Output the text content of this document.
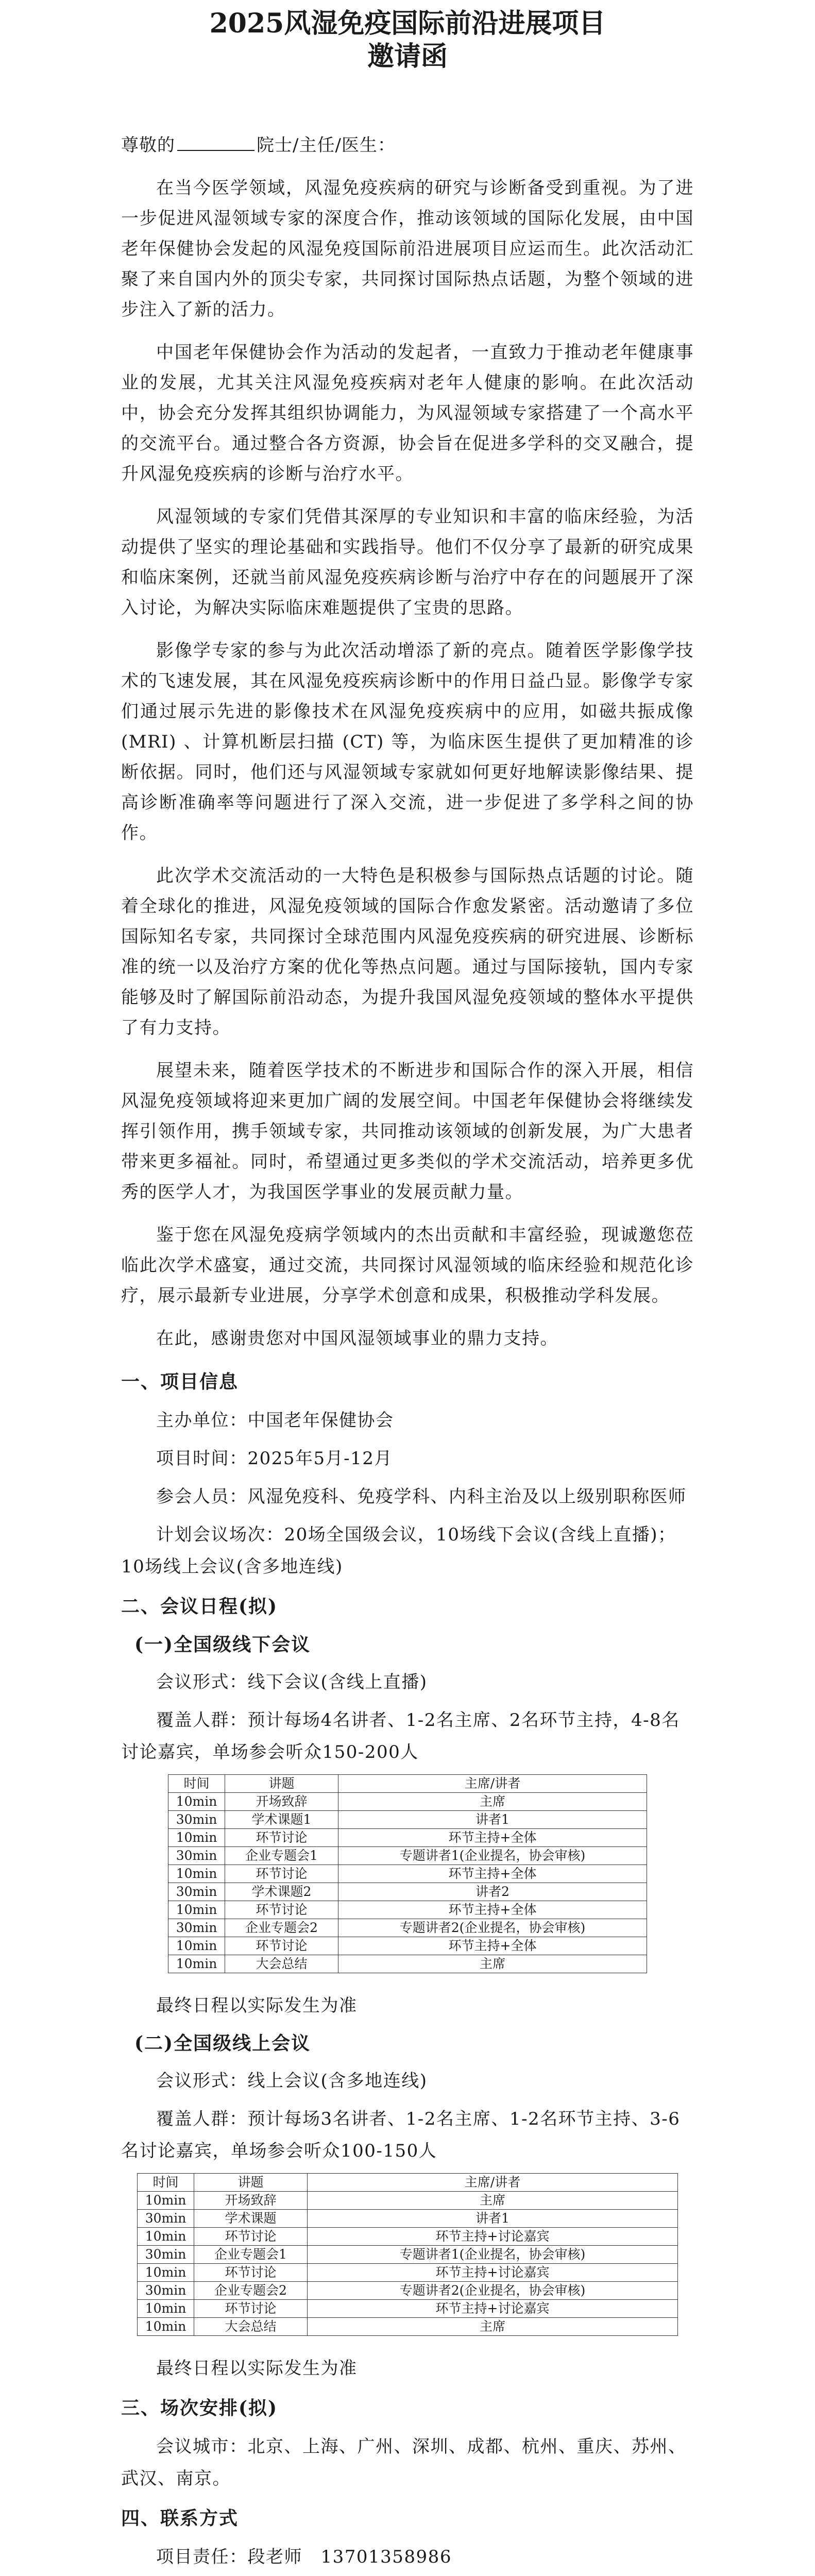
2025风湿免疫国际前沿进展项目
邀请函

尊敬的	院士/主任/医生：

在当今医学领域，风湿免疫疾病的研究与诊断备受到重视。为了进一步促进风湿领域专家的深度合作，推动该领域的国际化发展，由中国老年保健协会发起的风湿免疫国际前沿进展项目应运而生。此次活动汇聚了来自国内外的顶尖专家，共同探讨国际热点话题，为整个领域的进步注入了新的活力。

中国老年保健协会作为活动的发起者，一直致力于推动老年健康事业的发展，尤其关注风湿免疫疾病对老年人健康的影响。在此次活动中，协会充分发挥其组织协调能力，为风湿领域专家搭建了一个高水平的交流平台。通过整合各方资源，协会旨在促进多学科的交叉融合，提升风湿免疫疾病的诊断与治疗水平。

风湿领域的专家们凭借其深厚的专业知识和丰富的临床经验，为活动提供了坚实的理论基础和实践指导。他们不仅分享了最新的研究成果和临床案例，还就当前风湿免疫疾病诊断与治疗中存在的问题展开了深入讨论，为解决实际临床难题提供了宝贵的思路。

影像学专家的参与为此次活动增添了新的亮点。随着医学影像学技术的飞速发展，其在风湿免疫疾病诊断中的作用日益凸显。影像学专家们通过展示先进的影像技术在风湿免疫疾病中的应用，如磁共振成像 (MRI) 、计算机断层扫描 (CT) 等，为临床医生提供了更加精准的诊断依据。同时，他们还与风湿领域专家就如何更好地解读影像结果、提高诊断准确率等问题进行了深入交流，进一步促进了多学科之间的协作。

此次学术交流活动的一大特色是积极参与国际热点话题的讨论。随着全球化的推进，风湿免疫领域的国际合作愈发紧密。活动邀请了多位国际知名专家，共同探讨全球范围内风湿免疫疾病的研究进展、诊断标准的统一以及治疗方案的优化等热点问题。通过与国际接轨，国内专家能够及时了解国际前沿动态，为提升我国风湿免疫领域的整体水平提供了有力支持。

展望未来，随着医学技术的不断进步和国际合作的深入开展，相信风湿免疫领域将迎来更加广阔的发展空间。中国老年保健协会将继续发挥引领作用，携手领域专家，共同推动该领域的创新发展，为广大患者带来更多福祉。同时，希望通过更多类似的学术交流活动，培养更多优秀的医学人才，为我国医学事业的发展贡献力量。

鉴于您在风湿免疫病学领域内的杰出贡献和丰富经验，现诚邀您莅临此次学术盛宴，通过交流，共同探讨风湿领域的临床经验和规范化诊疗，展示最新专业进展，分享学术创意和成果，积极推动学科发展。

在此，感谢贵您对中国风湿领域事业的鼎力支持。

一、项目信息

主办单位：中国老年保健协会

项目时间：2025年5月-12月

参会人员：风湿免疫科、免疫学科、内科主治及以上级别职称医师

计划会议场次：20场全国级会议，10场线下会议(含线上直播)；10场线上会议(含多地连线)

二、会议日程(拟)
(一)全国级线下会议

会议形式：线下会议(含线上直播)

覆盖人群：预计每场4名讲者、1-2名主席、2名环节主持，4-8名讨论嘉宾，单场参会听众150-200人

时间	讲题	主席/讲者
10min	开场致辞	主席
30min	学术课题1	讲者1
10min	环节讨论	环节主持+全体
30min	企业专题会1	专题讲者1(企业提名，协会审核)
10min	环节讨论	环节主持+全体
30min	学术课题2	讲者2
10min	环节讨论	环节主持+全体
30min	企业专题会2	专题讲者2(企业提名，协会审核)
10min	环节讨论	环节主持+全体
10min	大会总结	主席

最终日程以实际发生为准

(二)全国级线上会议

会议形式：线上会议(含多地连线)

覆盖人群：预计每场3名讲者、1-2名主席、1-2名环节主持、3-6名讨论嘉宾，单场参会听众100-150人

时间	讲题	主席/讲者
10min	开场致辞	主席
30min	学术课题	讲者1
10min	环节讨论	环节主持+讨论嘉宾
30min	企业专题会1	专题讲者1(企业提名，协会审核)
10min	环节讨论	环节主持+讨论嘉宾
30min	企业专题会2	专题讲者2(企业提名，协会审核)
10min	环节讨论	环节主持+讨论嘉宾
10min	大会总结	主席

最终日程以实际发生为准

三、场次安排(拟)

会议城市：北京、上海、广州、深圳、成都、杭州、重庆、苏州、武汉、南京。

四、联系方式

项目责任：段老师　13701358986
